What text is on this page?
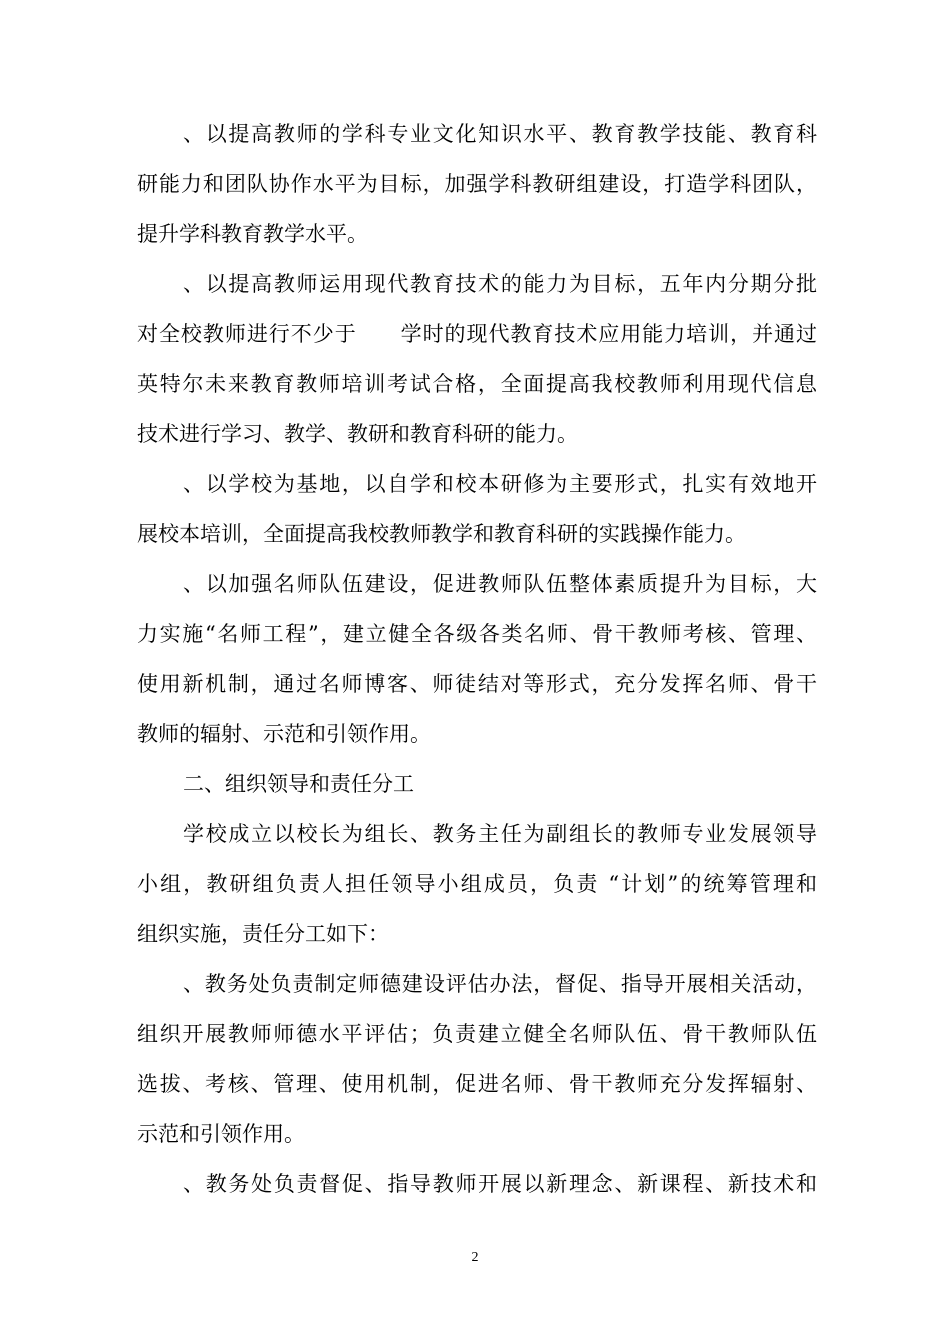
、以提高教师的学科专业文化知识水平、教育教学技能、教育科
研能力和团队协作水平为目标，加强学科教研组建设，打造学科团队，
提升学科教育教学水平。
、以提高教师运用现代教育技术的能力为目标，五年内分期分批
对全校教师进行不少于　　学时的现代教育技术应用能力培训，并通过
英特尔未来教育教师培训考试合格，全面提高我校教师利用现代信息
技术进行学习、教学、教研和教育科研的能力。
、以学校为基地，以自学和校本研修为主要形式，扎实有效地开
展校本培训，全面提高我校教师教学和教育科研的实践操作能力。
、以加强名师队伍建设，促进教师队伍整体素质提升为目标，大
力实施“名师工程”，建立健全各级各类名师、骨干教师考核、管理、
使用新机制，通过名师博客、师徒结对等形式，充分发挥名师、骨干
教师的辐射、示范和引领作用。
二、组织领导和责任分工
学校成立以校长为组长、教务主任为副组长的教师专业发展领导
小组，教研组负责人担任领导小组成员，负责 “计划”的统筹管理和
组织实施，责任分工如下：
、教务处负责制定师德建设评估办法，督促、指导开展相关活动，
组织开展教师师德水平评估；负责建立健全名师队伍、骨干教师队伍
选拔、考核、管理、使用机制，促进名师、骨干教师充分发挥辐射、
示范和引领作用。
、教务处负责督促、指导教师开展以新理念、新课程、新技术和
2
